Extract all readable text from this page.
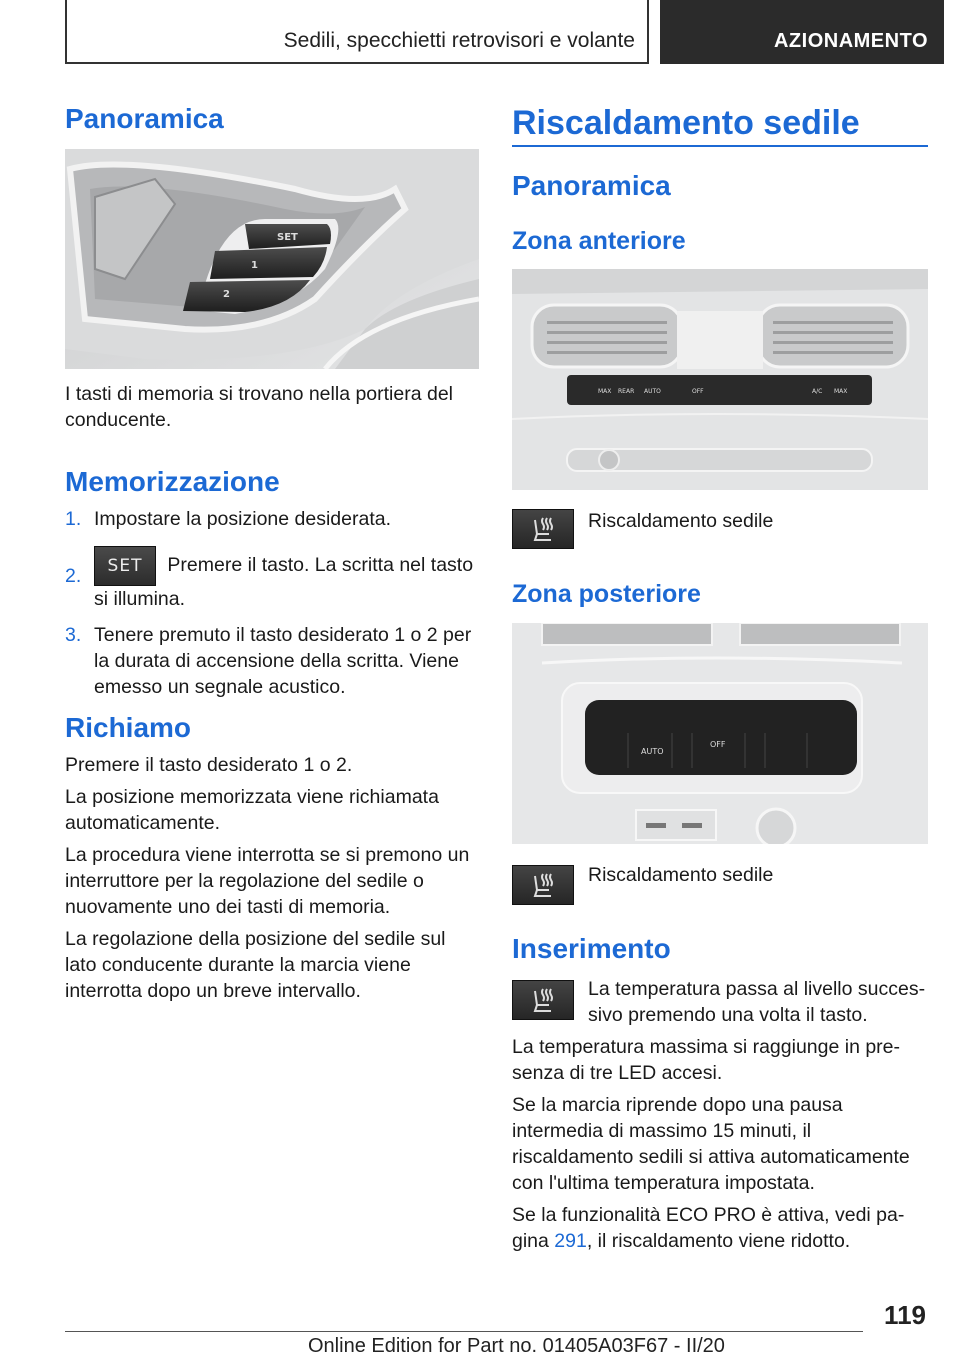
Sedili, specchietti retrovisori e volante	AZIONAMENTO
Panoramica
SET
1
2
I tasti di memoria si trovano nella portiera del conducente.
Memorizzazione
1. Impostare la posizione desiderata.
2. SET Premere il tasto. La scritta nel tasto si illumina.
3. Tenere premuto il tasto desiderato 1 o 2 per la durata di accensione della scritta. Viene emesso un segnale acustico.
Richiamo
Premere il tasto desiderato 1 o 2.
La posizione memorizzata viene richiamata automaticamente.
La procedura viene interrotta se si premono un interruttore per la regolazione del sedile o nuovamente uno dei tasti di memoria.
La regolazione della posizione del sedile sul lato conducente durante la marcia viene interrotta dopo un breve intervallo.
Riscaldamento sedile
Panoramica
Zona anteriore
MAX REAR AUTO	OFF	A/C MAX
Riscaldamento sedile
Zona posteriore
AUTO
OFF
Riscaldamento sedile
Inserimento
La temperatura passa al livello successivo premendo una volta il tasto.
La temperatura massima si raggiunge in presenza di tre LED accesi.
Se la marcia riprende dopo una pausa intermedia di massimo 15 minuti, il riscaldamento sedili si attiva automaticamente con l'ultima temperatura impostata.
Se la funzionalità ECO PRO è attiva, vedi pagina 291, il riscaldamento viene ridotto.
119
Online Edition for Part no. 01405A03F67 - II/20
